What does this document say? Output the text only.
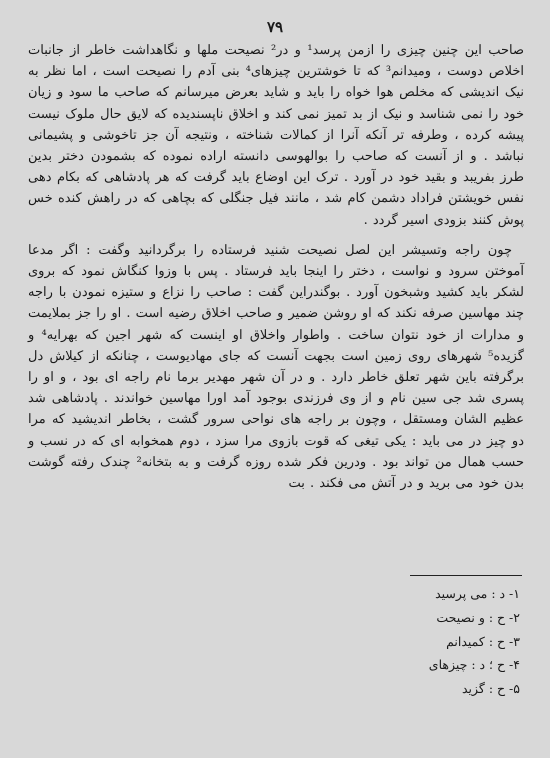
۷۹

صاحب این چنین چیزی را ازمن پرسد¹ و در² نصیحت ملها و نگاهداشت خاطر از جانبات اخلاص دوست ، ومیدانم³ که تا خوشترین چیزهای⁴ بنی آدم را نصیحت است ، اما نظر به نیک اندیشی که مخلص هوا خواه را باید و شاید بعرض میرسانم که صاحب ما سود و زیان خود را نمی شناسد و نیک از بد تمیز نمی کند و اخلاق ناپسندیده که لایق حال ملوک نیست پیشه کرده ، وطرفه تر آنکه آنرا از کمالات شناخته ، ونتیجه آن جز تاخوشی و پشیمانی نباشد . و از آنست که صاحب را بوالهوسی دانسته اراده نموده که بشمودن دختر بدین طرز بفریبد و بقید خود در آورد . ترک این اوضاع باید گرفت که هر پادشاهی که بکام دهی نفس خویشتن فراداد دشمن کام شد ، مانند فیل جنگلی که بچاهی که در راهش کنده خس پوش کنند بزودی اسیر گردد .

چون راجه وتسیشر این لصل نصیحت شنید فرستاده را برگردانید وگفت : اگر مدعا آموختن سرود و نواست ، دختر را اینجا باید فرستاد . پس با وزوا کنگاش نمود که بروی لشکر باید کشید وشبخون آورد . بوگندراین گفت : صاحب را نزاع و ستیزه نمودن با راجه چند مهاسین صرفه نکند که او روشن ضمیر و صاحب اخلاق رضیه است . او را جز بملایمت و مدارات از خود نتوان ساخت . واطوار واخلاق او اینست که شهر اجین که بهرایه⁴ و گزیده⁵ شهرهای روی زمین است بجهت آنست که جای مهادیوست ، چنانکه از کیلاش دل برگرفته باین شهر تعلق خاطر دارد . و در آن شهر مهدیر برما نام راجه ای بود ، و او را پسری شد جی سین نام و از وی فرزندی بوجود آمد اورا مهاسین خواندند . پادشاهی شد عظیم الشان ومستقل ، وچون بر راجه های نواحی سرور گشت ، بخاطر اندیشید که مرا دو چیز در می باید : یکی تیغی که قوت بازوی مرا سزد ، دوم همخوابه ای که در نسب و حسب همال من تواند بود . ودرین فکر شده روزه گرفت و به بتخانه² چندک رفته گوشت بدن خود می برید و در آتش می فکند . بت

۱- د : می پرسید
۲- ح : و نصیحت
۳- ح : کمیدانم
۴- ح ؛ د : چیزهای
۵- ح : گزید
